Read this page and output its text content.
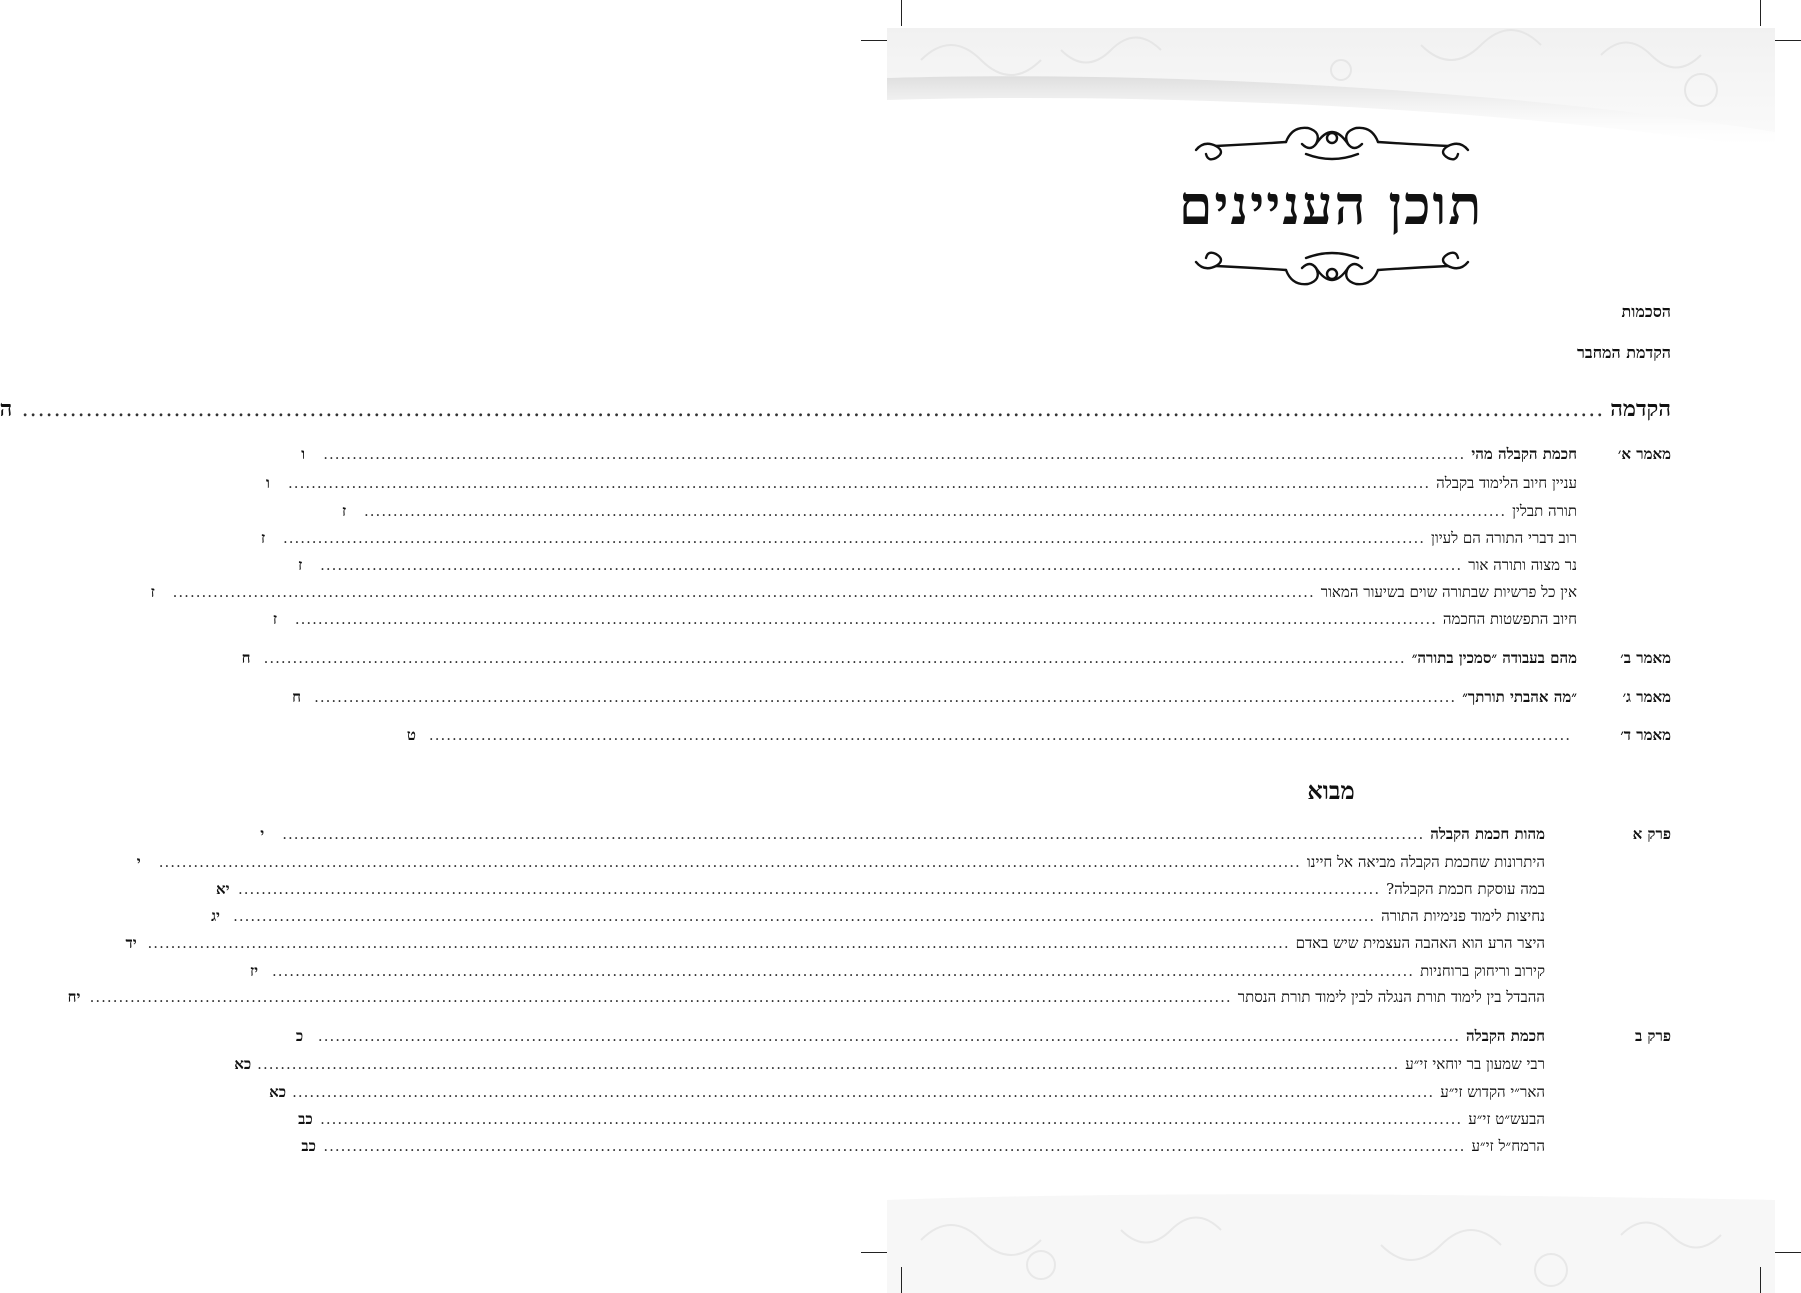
תוכן העניינים
הסכמות
הקדמת המחבר
הקדמה
......................................................................................................................................................................................................
ה
מאמר א׳
חכמת הקבלה מהי
......................................................................................................................................................................................................
ו
עניין חיוב הלימוד בקבלה
......................................................................................................................................................................................................
ו
תורה תבלין
......................................................................................................................................................................................................
ז
רוב דברי התורה הם לעיון
......................................................................................................................................................................................................
ז
נר מצוה ותורה אור
......................................................................................................................................................................................................
ז
אין כל פרשיות שבתורה שוים בשיעור המאור
......................................................................................................................................................................................................
ז
חיוב התפשטות החכמה
......................................................................................................................................................................................................
ז
מאמר ב׳
מהם בעבודה ״סמכין בתורה״
......................................................................................................................................................................................................
ח
מאמר ג׳
״מה אהבתי תורתך״
......................................................................................................................................................................................................
ח
מאמר ד׳
......................................................................................................................................................................................................
ט
מבוא
פרק א
מהות חכמת הקבלה
......................................................................................................................................................................................................
י
היתרונות שחכמת הקבלה מביאה אל חיינו
......................................................................................................................................................................................................
י
במה עוסקת חכמת הקבלה?
......................................................................................................................................................................................................
יא
נחיצות לימוד פנימיות התורה
......................................................................................................................................................................................................
יג
היצר הרע הוא האהבה העצמית שיש באדם
......................................................................................................................................................................................................
יד
קירוב וריחוק ברוחניות
......................................................................................................................................................................................................
יז
ההבדל בין לימוד תורת הנגלה לבין לימוד תורת הנסתר
......................................................................................................................................................................................................
יח
פרק ב
חכמת הקבלה
......................................................................................................................................................................................................
כ
רבי שמעון בר יוחאי זי״ע
......................................................................................................................................................................................................
כא
האר״י הקדוש זי״ע
......................................................................................................................................................................................................
כא
הבעש״ט זי״ע
......................................................................................................................................................................................................
כב
הרמח״ל זי״ע
......................................................................................................................................................................................................
כב
